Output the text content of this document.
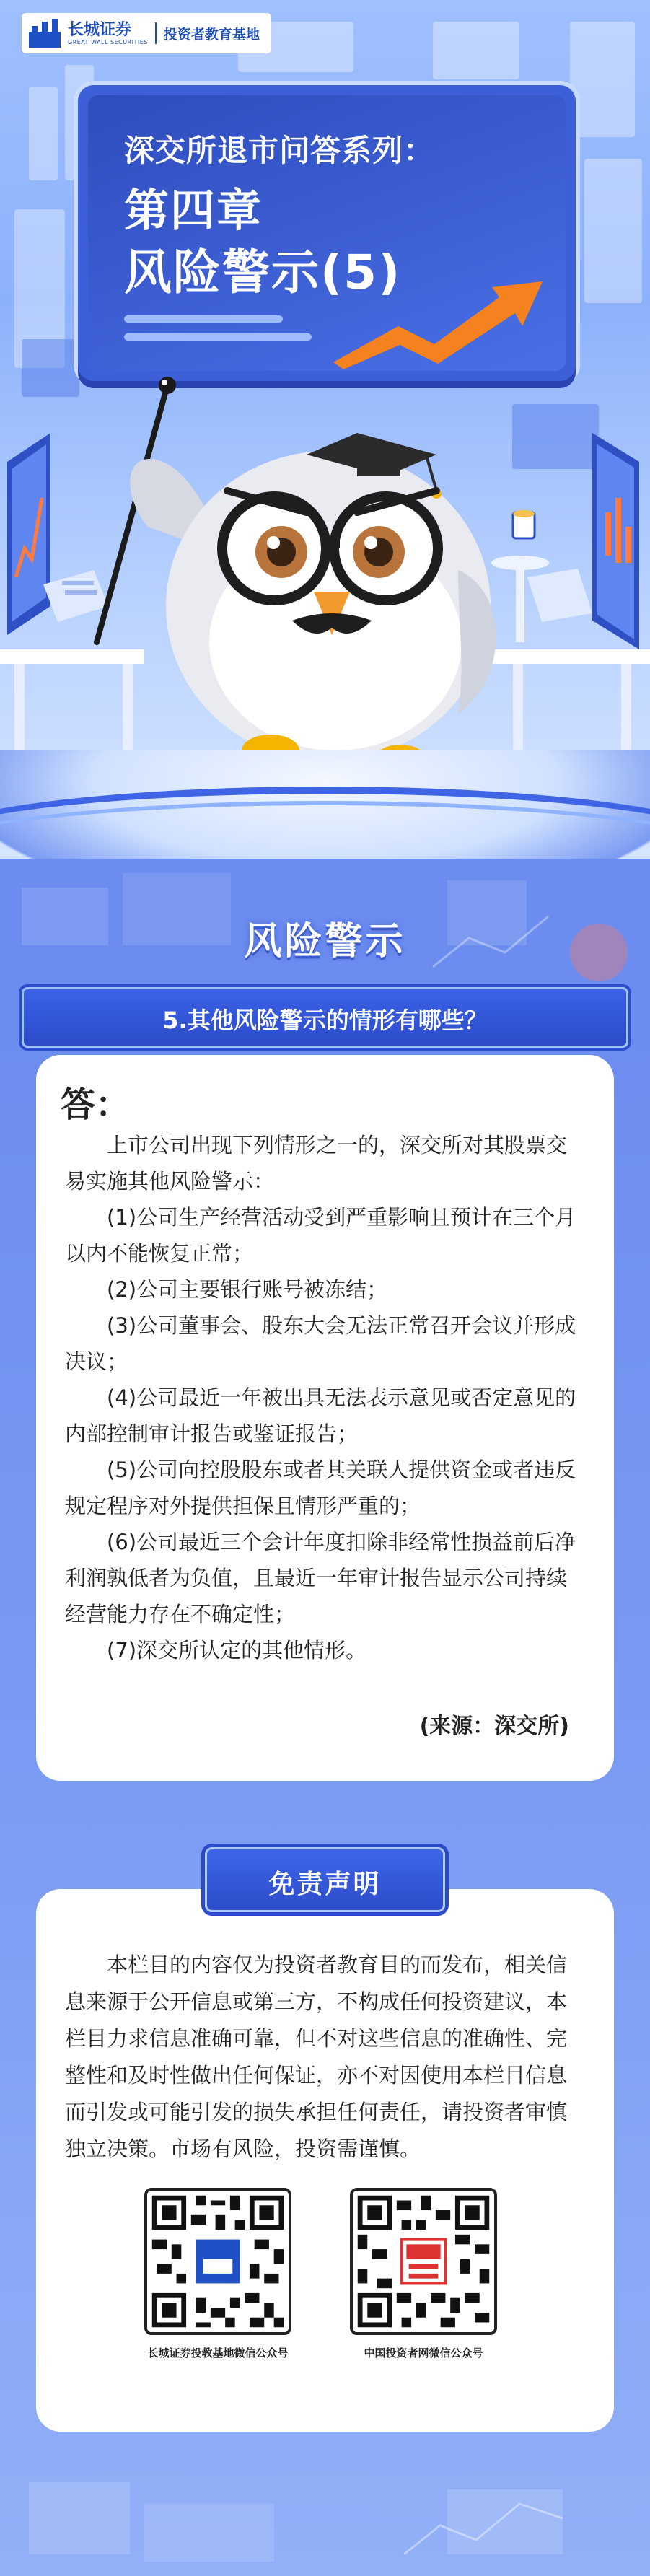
长城证券
GREAT WALL SECURITIES 投资者教育基地
深交所退市问答系列：
第四章
风险警示(5)
风险警示
5.其他风险警示的情形有哪些？
答：

上市公司出现下列情形之一的，深交所对其股票交易实施其他风险警示：

(1)公司生产经营活动受到严重影响且预计在三个月以内不能恢复正常；

(2)公司主要银行账号被冻结；

(3)公司董事会、股东大会无法正常召开会议并形成决议；

(4)公司最近一年被出具无法表示意见或否定意见的内部控制审计报告或鉴证报告；

(5)公司向控股股东或者其关联人提供资金或者违反规定程序对外提供担保且情形严重的；

(6)公司最近三个会计年度扣除非经常性损益前后净利润孰低者为负值，且最近一年审计报告显示公司持续经营能力存在不确定性；

(7)深交所认定的其他情形。

(来源：深交所)
本栏目的内容仅为投资者教育目的而发布，相关信息来源于公开信息或第三方，不构成任何投资建议，本栏目力求信息准确可靠，但不对这些信息的准确性、完整性和及时性做出任何保证，亦不对因使用本栏目信息而引发或可能引发的损失承担任何责任，请投资者审慎独立决策。市场有风险，投资需谨慎。
长城证券投教基地微信公众号	中国投资者网微信公众号
免责声明
